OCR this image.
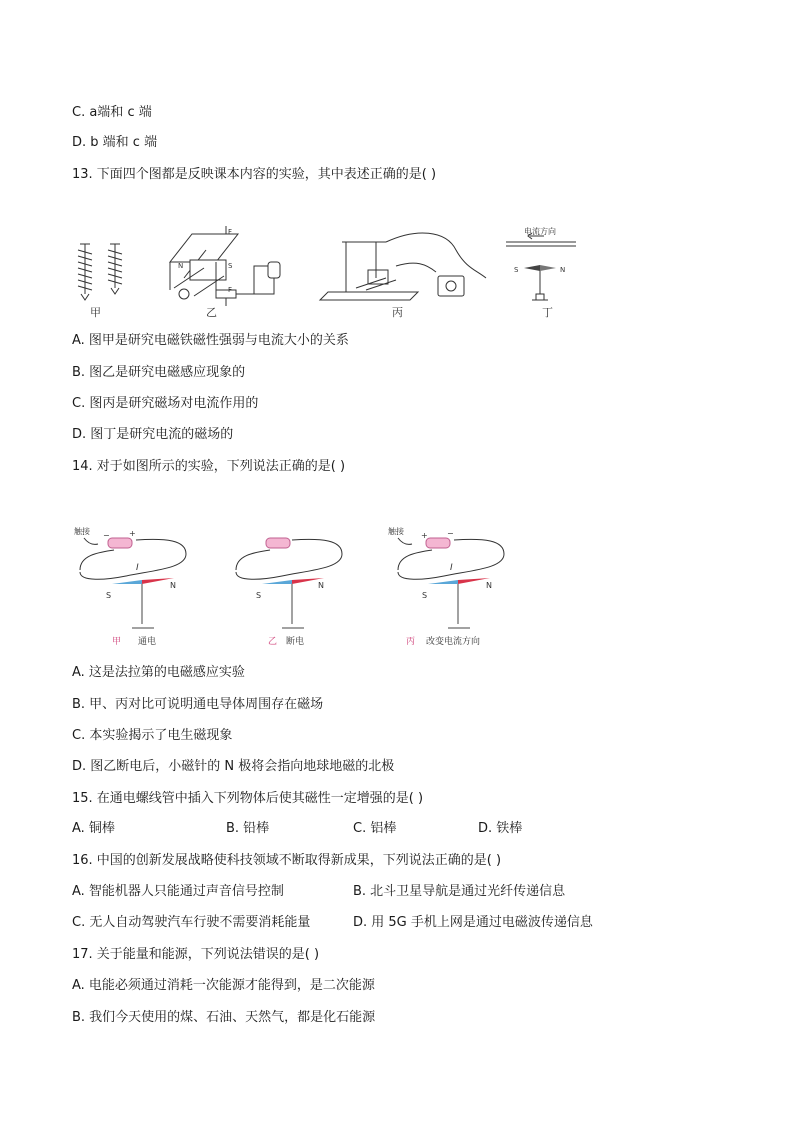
C. a端和 c 端
D. b 端和 c 端
13. 下面四个图都是反映课本内容的实验，其中表述正确的是( )
甲
N	S
F
F
乙	丙
电流方向
S	N
丁
A. 图甲是研究电磁铁磁性强弱与电流大小的关系
B. 图乙是研究电磁感应现象的
C. 图丙是研究磁场对电流作用的
D. 图丁是研究电流的磁场的
14. 对于如图所示的实验，下列说法正确的是( )
触接 − +
I
S
N
甲 通电
S
N
乙 断电
触接 + −
I
S
N
丙 改变电流方向
A. 这是法拉第的电磁感应实验
B. 甲、丙对比可说明通电导体周围存在磁场
C. 本实验揭示了电生磁现象
D. 图乙断电后，小磁针的 N 极将会指向地球地磁的北极
15. 在通电螺线管中插入下列物体后使其磁性一定增强的是( )
A. 铜棒	B. 铅棒	C. 铝棒	D. 铁棒
16. 中国的创新发展战略使科技领域不断取得新成果，下列说法正确的是( )
A. 智能机器人只能通过声音信号控制	B. 北斗卫星导航是通过光纤传递信息
C. 无人自动驾驶汽车行驶不需要消耗能量	D. 用 5G 手机上网是通过电磁波传递信息
17. 关于能量和能源，下列说法错误的是( )
A. 电能必须通过消耗一次能源才能得到，是二次能源
B. 我们今天使用的煤、石油、天然气，都是化石能源
